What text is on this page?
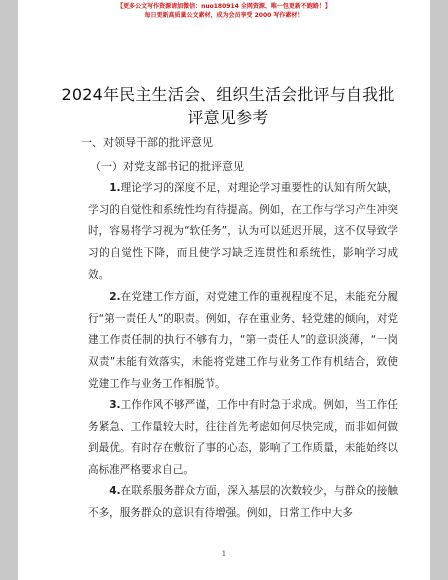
【更多公文写作资源请加微信：nuo180914 全网资源、唯一包更新不跑路！】
每日更新高质量公文素材，成为会员享受 2000 写作素材！
2024年民主生活会、组织生活会批评与自我批评意见参考
一、对领导干部的批评意见
（一）对党支部书记的批评意见
1.理论学习的深度不足，对理论学习重要性的认知有所欠缺，学习的自觉性和系统性均有待提高。例如，在工作与学习产生冲突时，容易将学习视为“软任务”，认为可以延迟开展，这不仅导致学习的自觉性下降，而且使学习缺乏连贯性和系统性，影响学习成效。
2.在党建工作方面，对党建工作的重视程度不足，未能充分履行“第一责任人”的职责。例如，存在重业务、轻党建的倾向，对党建工作责任制的执行不够有力，“第一责任人”的意识淡薄，“一岗双责”未能有效落实，未能将党建工作与业务工作有机结合，致使党建工作与业务工作相脱节。
3.工作作风不够严谨，工作中有时急于求成。例如，当工作任务紧急、工作量较大时，往往首先考虑如何尽快完成，而非如何做到最优。有时存在敷衍了事的心态，影响了工作质量，未能始终以高标准严格要求自己。
4.在联系服务群众方面，深入基层的次数较少，与群众的接触不多，服务群众的意识有待增强。例如，日常工作中大多
1
